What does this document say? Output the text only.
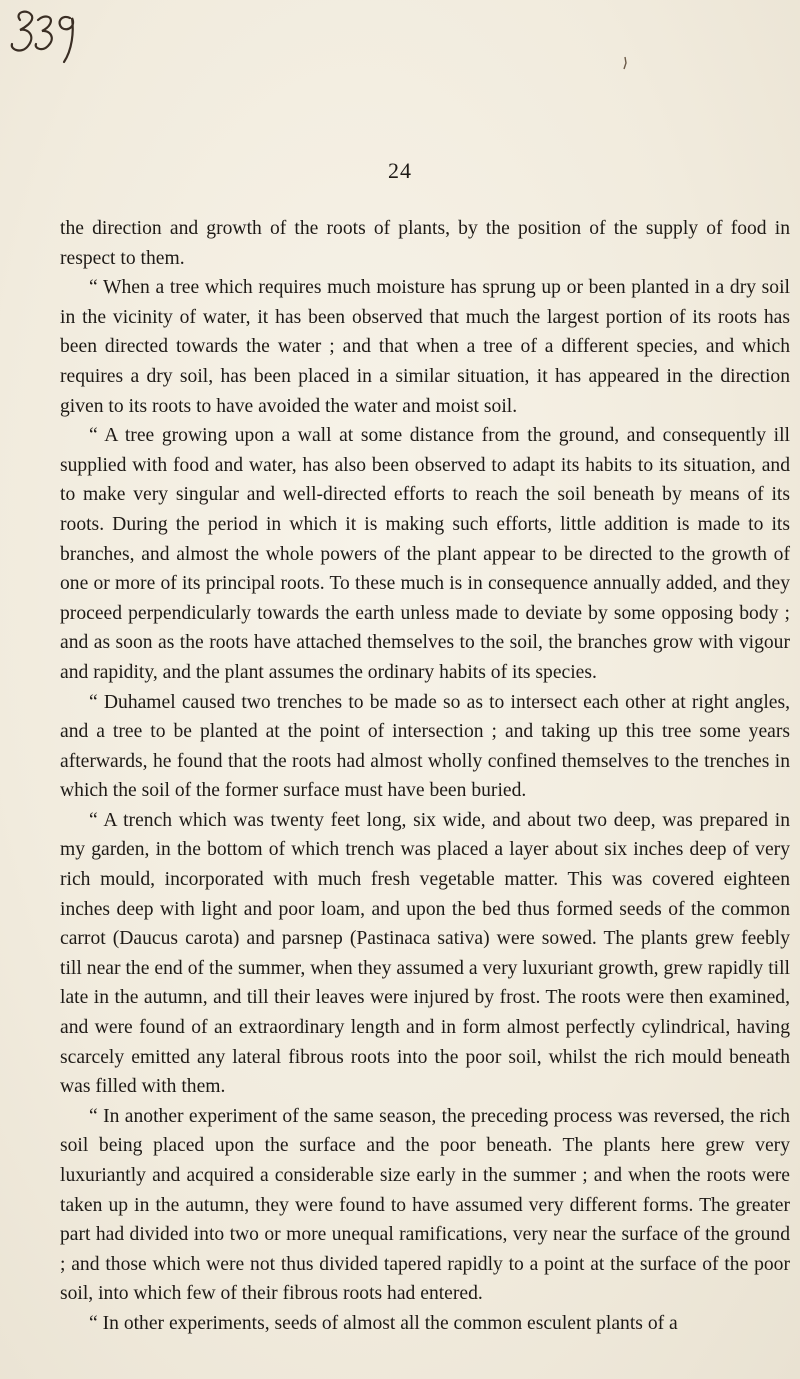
24

the direction and growth of the roots of plants, by the position of the supply of food in respect to them.

“ When a tree which requires much moisture has sprung up or been planted in a dry soil in the vicinity of water, it has been observed that much the largest portion of its roots has been directed towards the water ; and that when a tree of a different species, and which requires a dry soil, has been placed in a similar situation, it has appeared in the direction given to its roots to have avoided the water and moist soil.

“ A tree growing upon a wall at some distance from the ground, and consequently ill supplied with food and water, has also been observed to adapt its habits to its situation, and to make very singular and well-directed efforts to reach the soil beneath by means of its roots. During the period in which it is making such efforts, little addition is made to its branches, and almost the whole powers of the plant appear to be directed to the growth of one or more of its principal roots. To these much is in consequence annually added, and they proceed perpendicularly towards the earth unless made to deviate by some opposing body ; and as soon as the roots have attached themselves to the soil, the branches grow with vigour and rapidity, and the plant assumes the ordinary habits of its species.

“ Duhamel caused two trenches to be made so as to intersect each other at right angles, and a tree to be planted at the point of intersection ; and taking up this tree some years afterwards, he found that the roots had almost wholly confined themselves to the trenches in which the soil of the former surface must have been buried.

“ A trench which was twenty feet long, six wide, and about two deep, was prepared in my garden, in the bottom of which trench was placed a layer about six inches deep of very rich mould, incorporated with much fresh vegetable matter. This was covered eighteen inches deep with light and poor loam, and upon the bed thus formed seeds of the common carrot (Daucus carota) and parsnep (Pastinaca sativa) were sowed. The plants grew feebly till near the end of the summer, when they assumed a very luxuriant growth, grew rapidly till late in the autumn, and till their leaves were injured by frost. The roots were then examined, and were found of an extraordinary length and in form almost perfectly cylindrical, having scarcely emitted any lateral fibrous roots into the poor soil, whilst the rich mould beneath was filled with them.

“ In another experiment of the same season, the preceding process was reversed, the rich soil being placed upon the surface and the poor beneath. The plants here grew very luxuriantly and acquired a considerable size early in the summer ; and when the roots were taken up in the autumn, they were found to have assumed very different forms. The greater part had divided into two or more unequal ramifications, very near the surface of the ground ; and those which were not thus divided tapered rapidly to a point at the surface of the poor soil, into which few of their fibrous roots had entered.

“ In other experiments, seeds of almost all the common esculent plants of a
